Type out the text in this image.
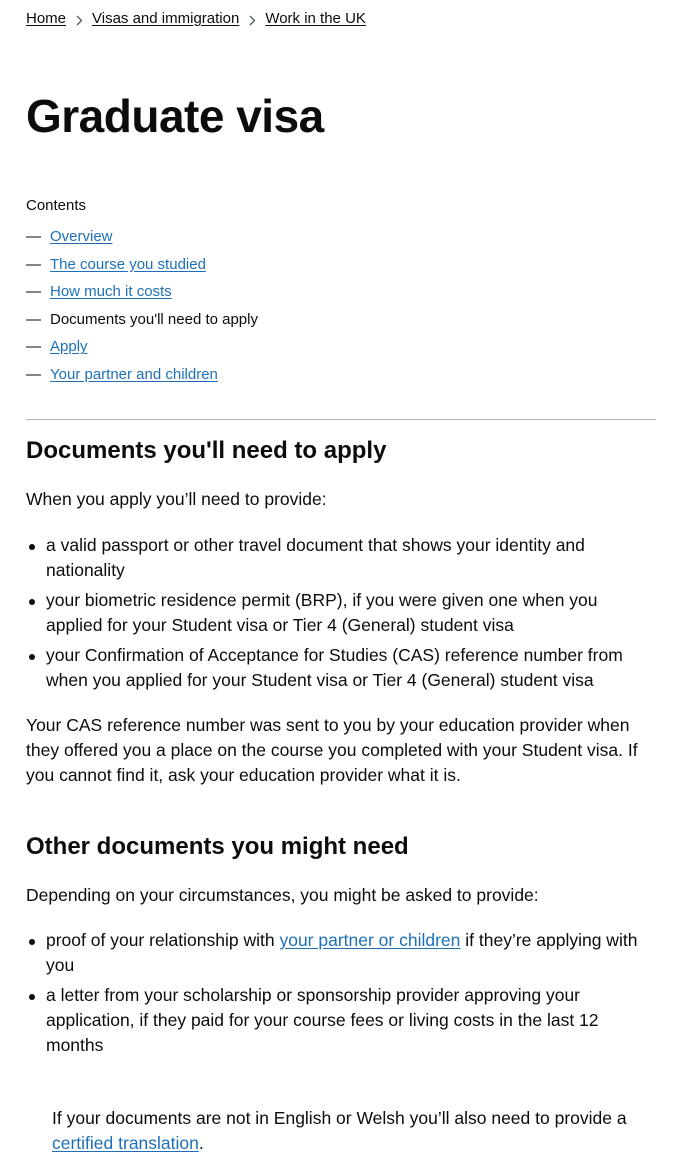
Home Visas and immigration Work in the UK
Graduate visa
Contents
— Overview
— The course you studied
— How much it costs
— Documents you'll need to apply
— Apply
— Your partner and children
Documents you'll need to apply

When you apply you’ll need to provide:

a valid passport or other travel document that shows your identity and nationality
your biometric residence permit (BRP), if you were given one when you applied for your Student visa or Tier 4 (General) student visa
your Confirmation of Acceptance for Studies (CAS) reference number from when you applied for your Student visa or Tier 4 (General) student visa

Your CAS reference number was sent to you by your education provider when they offered you a place on the course you completed with your Student visa. If you cannot find it, ask your education provider what it is.

Other documents you might need

Depending on your circumstances, you might be asked to provide:

proof of your relationship with your partner or children if they’re applying with you
a letter from your scholarship or sponsorship provider approving your application, if they paid for your course fees or living costs in the last 12 months

If your documents are not in English or Welsh you’ll also need to provide a certified translation.
